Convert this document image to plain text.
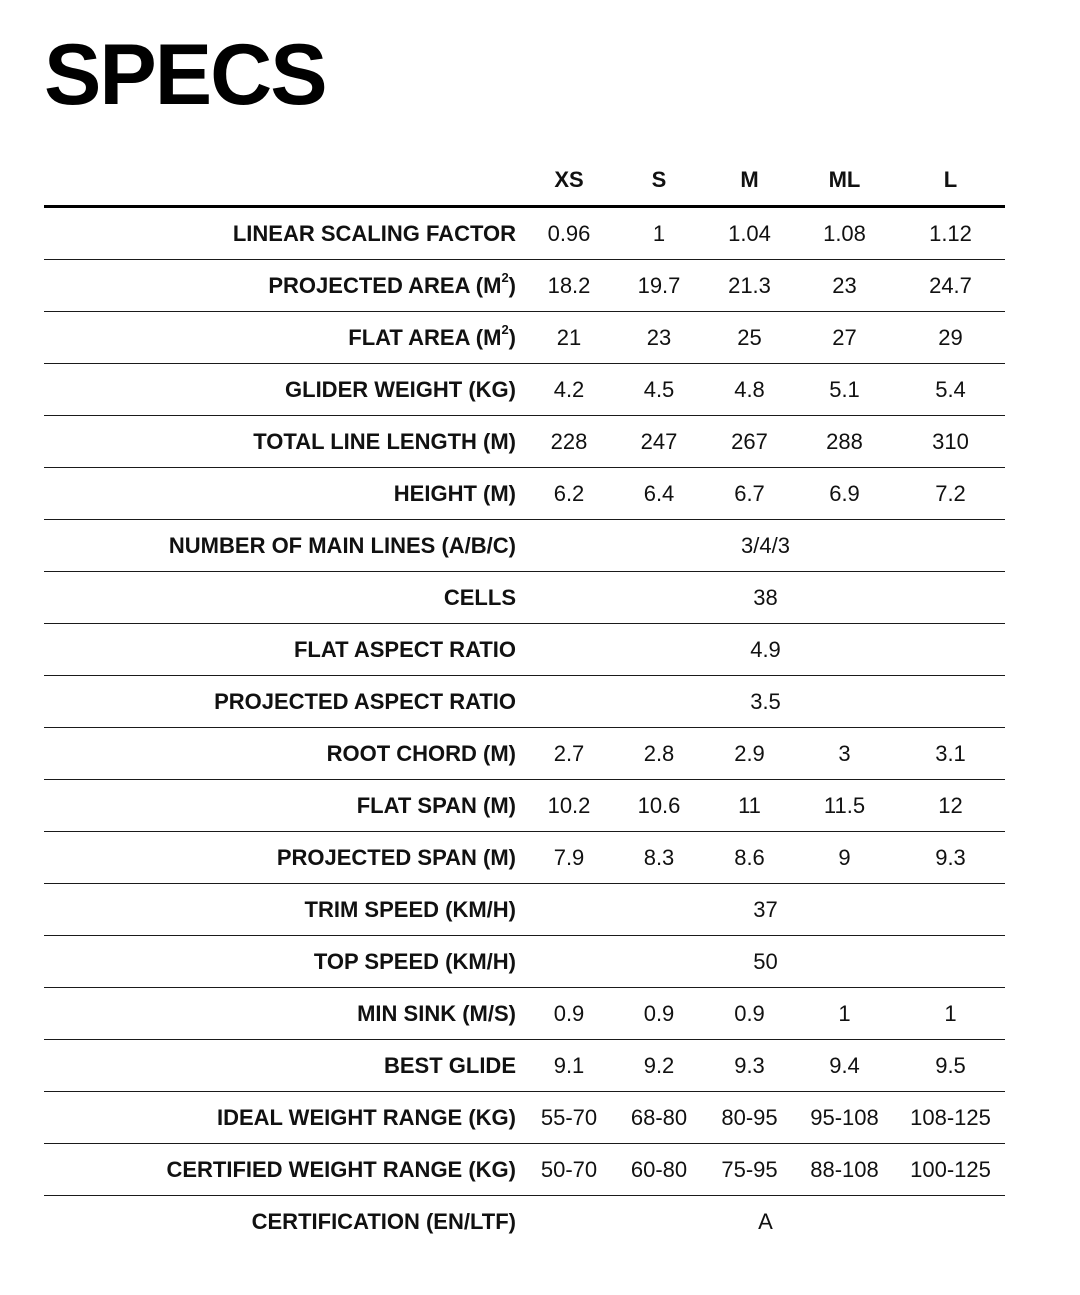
SPECS
	XS	S	M	ML	L
LINEAR SCALING FACTOR	0.96	1	1.04	1.08	1.12
PROJECTED AREA $(M^2)$	18.2	19.7	21.3	23	24.7
FLAT AREA $(M^2)$	21	23	25	27	29
GLIDER WEIGHT (KG)	4.2	4.5	4.8	5.1	5.4
TOTAL LINE LENGTH (M)	228	247	267	288	310
HEIGHT (M)	6.2	6.4	6.7	6.9	7.2
NUMBER OF MAIN LINES (A/B/C)	3/4/3				
CELLS	38				
FLAT ASPECT RATIO	4.9				
PROJECTED ASPECT RATIO	3.5				
ROOT CHORD (M)	2.7	2.8	2.9	3	3.1
FLAT SPAN (M)	10.2	10.6	11	11.5	12
PROJECTED SPAN (M)	7.9	8.3	8.6	9	9.3
TRIM SPEED (KM/H)	37				
TOP SPEED (KM/H)	50				
MIN SINK (M/S)	0.9	0.9	0.9	1	1
BEST GLIDE	9.1	9.2	9.3	9.4	9.5
IDEAL WEIGHT RANGE (KG)	55-70	68-80	80-95	95-108	108-125
CERTIFIED WEIGHT RANGE (KG)	50-70	60-80	75-95	88-108	100-125
CERTIFICATION (EN/LTF)	A				
